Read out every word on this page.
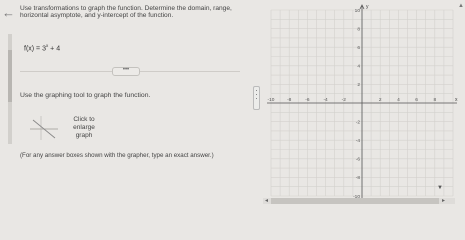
← Use transformations to graph the function. Determine the domain, range, horizontal asymptote, and y-intercept of the function.
$f(x) = 3^x + 4$
•••
Use the graphing tool to graph the function.
Click to
enlarge
graph
(For any answer boxes shown with the grapher, type an exact answer.)
y
x
-10	-8	-6	-4	-2	2	4	6	8
10
8
6
4
2
-2
-4
-6
-8
▲
▼
◂	▸
